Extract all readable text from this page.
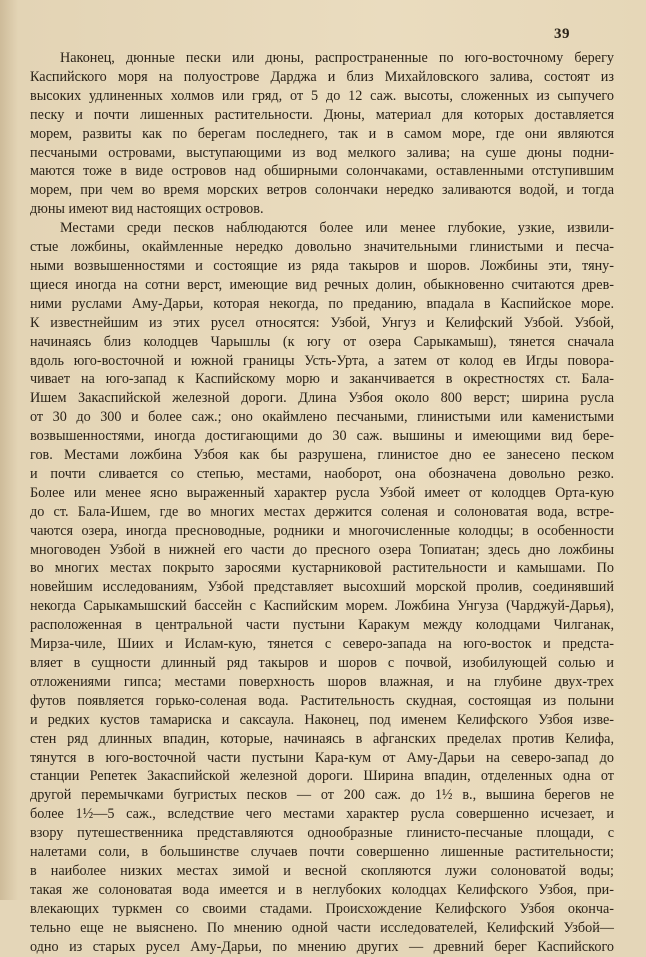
39
Наконец, дюнные пески или дюны, распространенные по юго-восточному берегу
Каспийского моря на полуострове Дарджа и близ Михайловского залива, состоят из
высоких удлиненных холмов или гряд, от 5 до 12 саж. высоты, сложенных из сыпучего
песку и почти лишенных растительности. Дюны, материал для которых доставляется
морем, развиты как по берегам последнего, так и в самом море, где они являются
песчаными островами, выступающими из вод мелкого залива; на суше дюны подни-
маются тоже в виде островов над обширными солончаками, оставленными отступившим
морем, при чем во время морских ветров солончаки нередко заливаются водой, и тогда
дюны имеют вид настоящих островов.
Местами среди песков наблюдаются более или менее глубокие, узкие, извили-
стые ложбины, окаймленные нередко довольно значительными глинистыми и песча-
ными возвышенностями и состоящие из ряда такыров и шоров. Ложбины эти, тяну-
щиеся иногда на сотни верст, имеющие вид речных долин, обыкновенно считаются древ-
ними руслами Аму-Дарьи, которая некогда, по преданию, впадала в Каспийское море.
К известнейшим из этих русел относятся: Узбой, Унгуз и Келифский Узбой. Узбой,
начинаясь близ колодцев Чарышлы (к югу от озера Сарыкамыш), тянется сначала
вдоль юго-восточной и южной границы Усть-Урта, а затем от колод ев Игды повора-
чивает на юго-запад к Каспийскому морю и заканчивается в окрестностях ст. Бала-
Ишем Закаспийской железной дороги. Длина Узбоя около 800 верст; ширина русла
от 30 до 300 и более саж.; оно окаймлено песчаными, глинистыми или каменистыми
возвышенностями, иногда достигающими до 30 саж. вышины и имеющими вид бере-
гов. Местами ложбина Узбоя как бы разрушена, глинистое дно ее занесено песком
и почти сливается со степью, местами, наоборот, она обозначена довольно резко.
Более или менее ясно выраженный характер русла Узбой имеет от колодцев Орта-кую
до ст. Бала-Ишем, где во многих местах держится соленая и солоноватая вода, встре-
чаются озера, иногда пресноводные, родники и многочисленные колодцы; в особенности
многоводен Узбой в нижней его части до пресного озера Топиатан; здесь дно ложбины
во многих местах покрыто заросями кустарниковой растительности и камышами. По
новейшим исследованиям, Узбой представляет высохший морской пролив, соединявший
некогда Сарыкамышский бассейн с Каспийским морем. Ложбина Унгуза (Чарджуй-Дарья),
расположенная в центральной части пустыни Каракум между колодцами Чилганак,
Мирза-чиле, Шиих и Ислам-кую, тянется с северо-запада на юго-восток и предста-
вляет в сущности длинный ряд такыров и шоров с почвой, изобилующей солью и
отложениями гипса; местами поверхность шоров влажная, и на глубине двух-треx
футов появляется горько-соленая вода. Растительность скудная, состоящая из полыни
и редких кустов тамариска и саксаула. Наконец, под именем Келифского Узбоя изве-
стен ряд длинных впадин, которые, начинаясь в афганских пределах против Келифа,
тянутся в юго-восточной части пустыни Кара-кум от Аму-Дарьи на северо-запад до
станции Репетек Закаспийской железной дороги. Ширина впадин, отделенных одна от
другой перемычками бугристых песков — от 200 саж. до 1½ в., вышина берегов не
более 1½—5 саж., вследствие чего местами характер русла совершенно исчезает, и
взору путешественника представляются однообразные глинисто-песчаные площади, с
налетами соли, в большинстве случаев почти совершенно лишенные растительности;
в наиболее низких местах зимой и весной скопляются лужи солоноватой воды;
такая же солоноватая вода имеется и в неглубоких колодцах Келифского Узбоя, при-
влекающих туркмен со своими стадами. Происхождение Келифского Узбоя оконча-
тельно еще не выяснено. По мнению одной части исследователей, Келифский Узбой—
одно из старых русел Аму-Дарьи, по мнению других — древний берег Каспийского
